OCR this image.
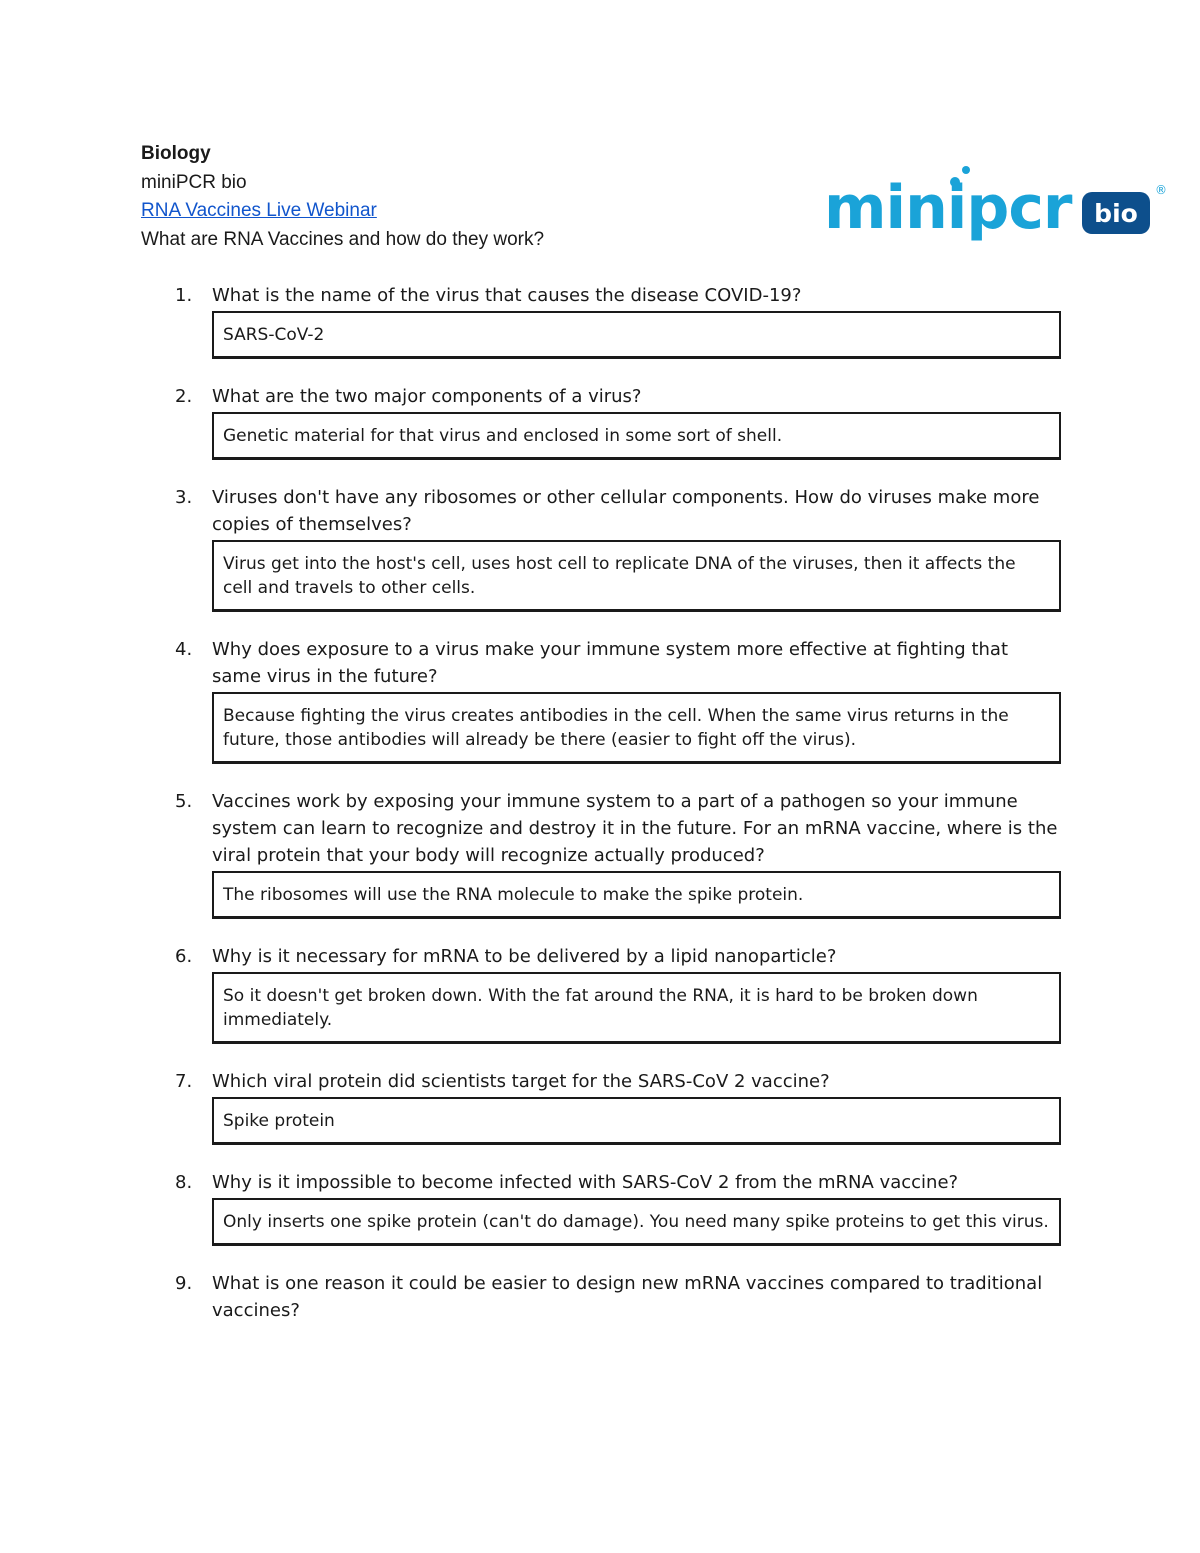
Biology
miniPCR bio
RNA Vaccines Live Webinar
What are RNA Vaccines and how do they work?	minipcr bio
®
1. What is the name of the virus that causes the disease COVID-19?
SARS-CoV-2
2. What are the two major components of a virus?
Genetic material for that virus and enclosed in some sort of shell.
3. Viruses don't have any ribosomes or other cellular components. How do viruses make more copies of themselves?
Virus get into the host's cell, uses host cell to replicate DNA of the viruses, then it affects the cell and travels to other cells.
4. Why does exposure to a virus make your immune system more effective at fighting that same virus in the future?
Because fighting the virus creates antibodies in the cell. When the same virus returns in the future, those antibodies will already be there (easier to fight off the virus).
5. Vaccines work by exposing your immune system to a part of a pathogen so your immune system can learn to recognize and destroy it in the future. For an mRNA vaccine, where is the viral protein that your body will recognize actually produced?
The ribosomes will use the RNA molecule to make the spike protein.
6. Why is it necessary for mRNA to be delivered by a lipid nanoparticle?
So it doesn't get broken down. With the fat around the RNA, it is hard to be broken down immediately.
7. Which viral protein did scientists target for the SARS-CoV 2 vaccine?
Spike protein
8. Why is it impossible to become infected with SARS-CoV 2 from the mRNA vaccine?
Only inserts one spike protein (can't do damage). You need many spike proteins to get this virus.
9. What is one reason it could be easier to design new mRNA vaccines compared to traditional vaccines?
